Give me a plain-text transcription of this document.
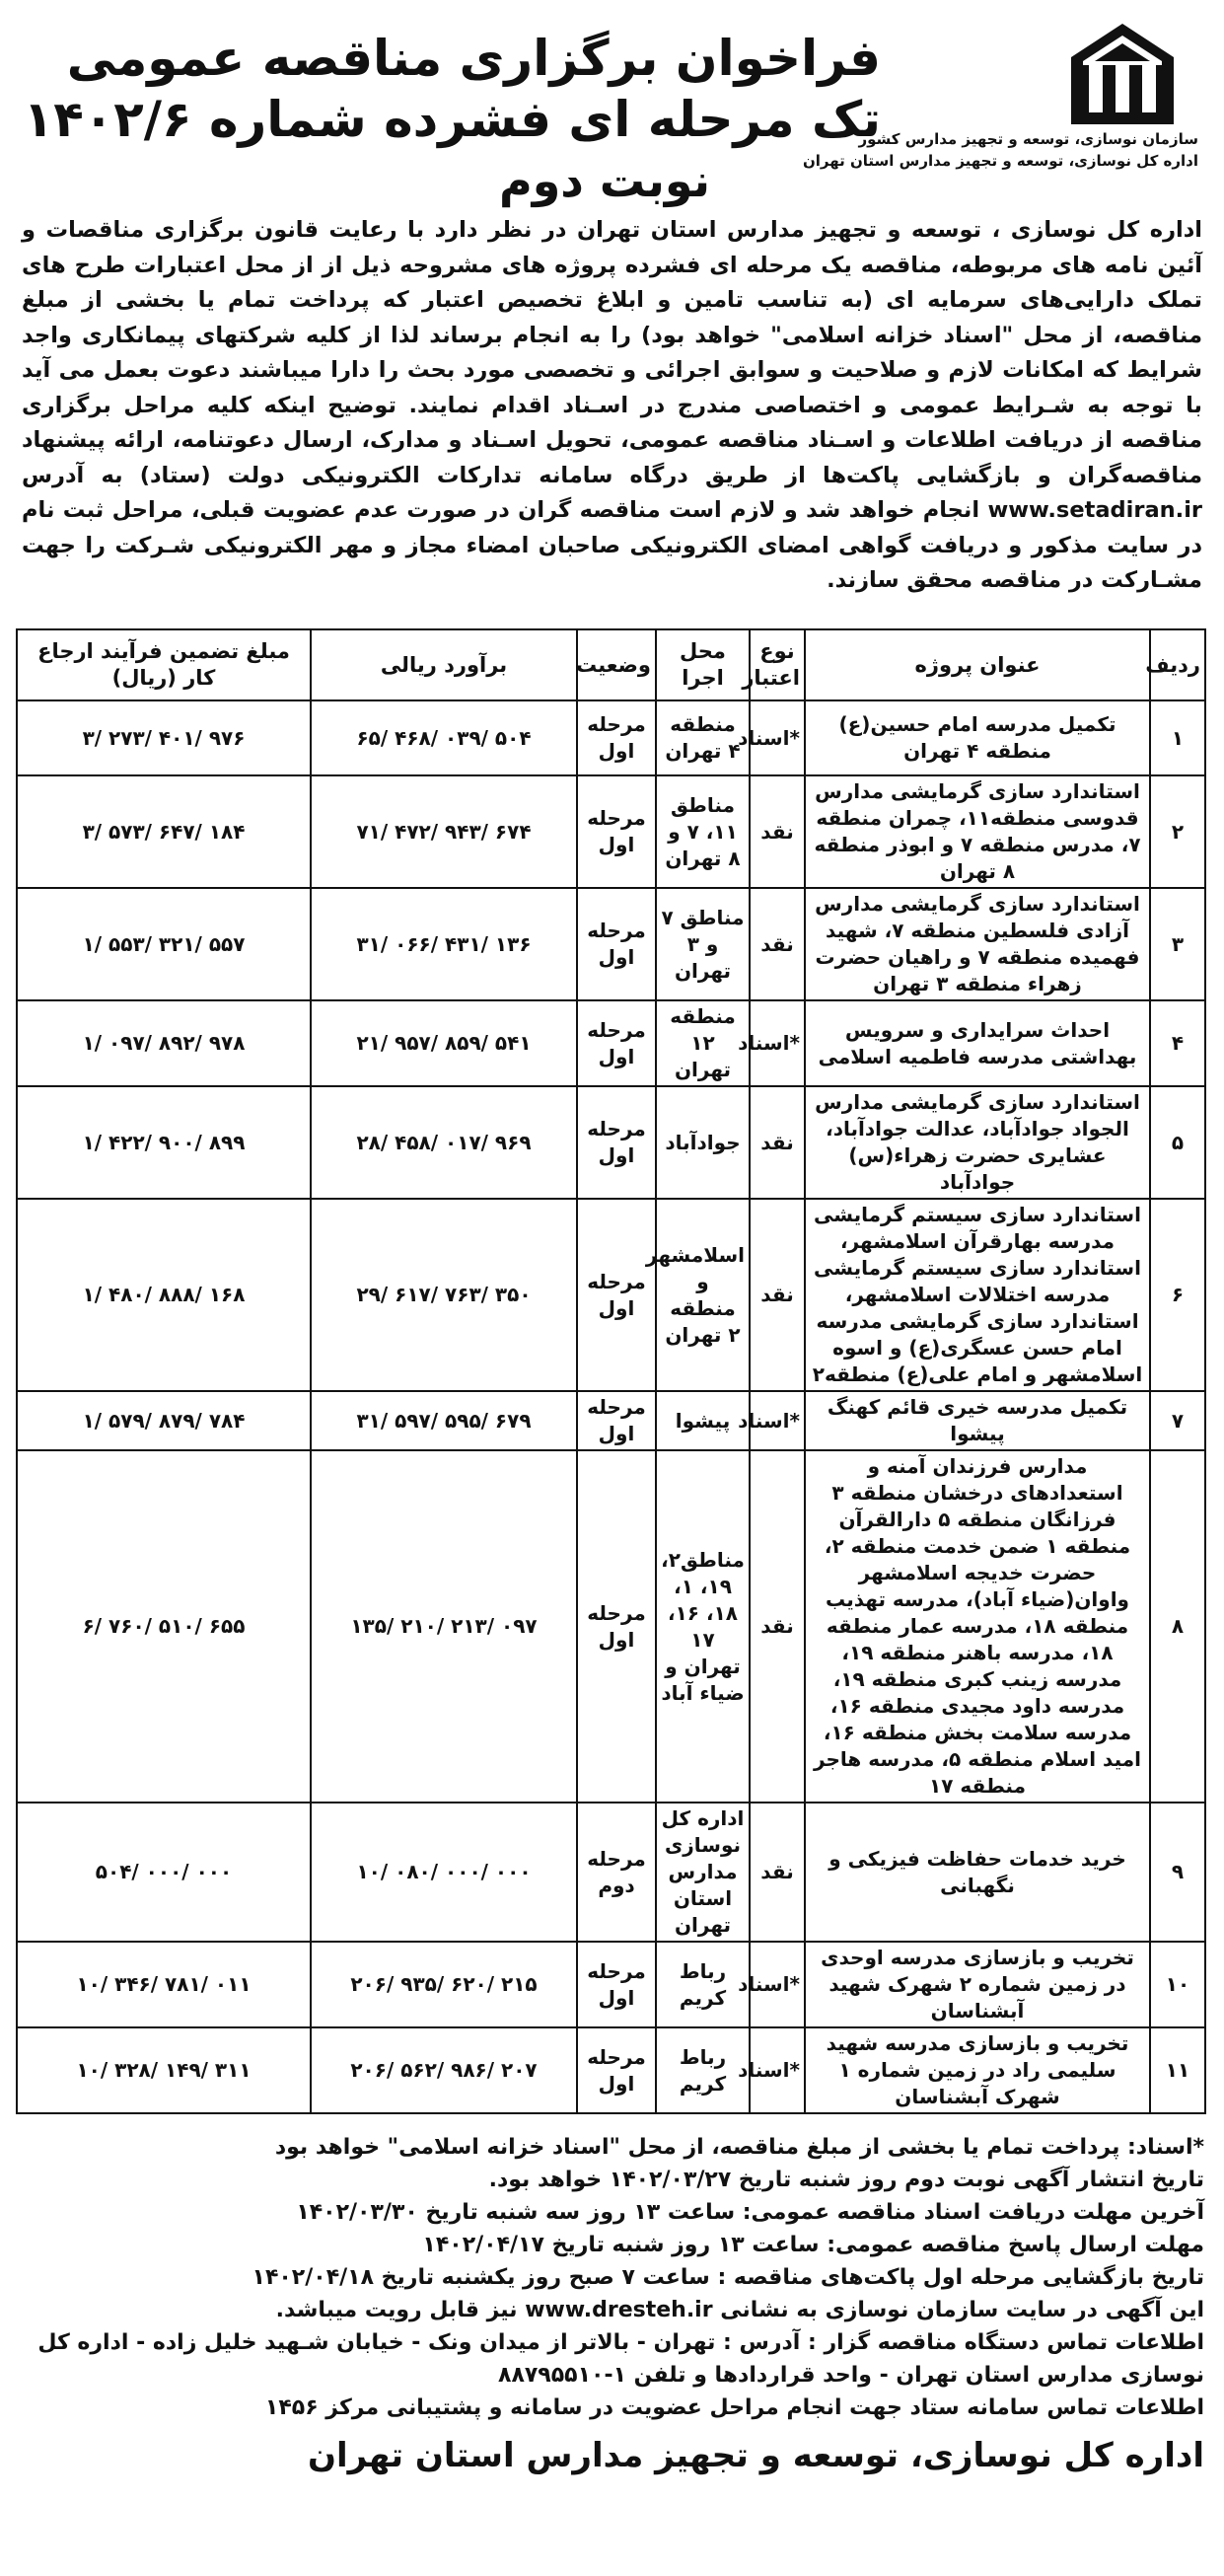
سازمان نوسازی، توسعه و تجهیز مدارس کشور
اداره کل نوسازی، توسعه و تجهیز مدارس استان تهران
فراخوان برگزاری مناقصه عمومی
تک مرحله ای فشرده شماره ۱۴۰۲/۶
نوبت دوم
اداره کل نوسازی ، توسعه و تجهیز مدارس استان تهران در نظر دارد با رعایت قانون برگزاری مناقصات و آئین نامه های مربوطه، مناقصه یک مرحله ای فشرده پروژه های مشروحه ذیل از از محل اعتبارات طرح های تملک دارایی‌های سرمایه ای (به تناسب تامین و ابلاغ تخصیص اعتبار که پرداخت تمام یا بخشی از مبلغ مناقصه، از محل "اسناد خزانه اسلامی" خواهد بود) را به انجام برساند لذا از کلیه شرکتهای پیمانکاری واجد شرایط که امکانات لازم و صلاحیت و سوابق اجرائی و تخصصی مورد بحث را دارا میباشند دعوت بعمل می آید با توجه به شـرایط عمومی و اختصاصی مندرج در اسـناد اقدام نمایند. توضیح اینکه کلیه مراحل برگزاری مناقصه از دریافت اطلاعات و اسـناد مناقصه عمومی، تحویل اسـناد و مدارک، ارسال دعوتنامه، ارائه پیشنهاد مناقصه‌گران و بازگشایی پاکت‌ها از طریق درگاه سامانه تدارکات الکترونیکی دولت (ستاد) به آدرس www.setadiran.ir انجام خواهد شد و لازم است مناقصه گران در صورت عدم عضویت قبلی، مراحل ثبت نام در سایت مذکور و دریافت گواهی امضای الکترونیکی صاحبان امضاء مجاز و مهر الکترونیکی شـرکت را جهت مشـارکت در مناقصه محقق سازند.
ردیف	عنوان پروژه	نوع اعتبار	محل اجرا	وضعیت	برآورد ریالی	مبلغ تضمین فرآیند ارجاع کار (ریال)
۱	تکمیل مدرسه امام حسین(ع) منطقه ۴ تهران	*اسناد	منطقه ۴ تهران	مرحله اول	۶۵/ ۴۶۸/ ۰۳۹/ ۵۰۴	۳/ ۲۷۳/ ۴۰۱/ ۹۷۶
۲	استاندارد سازی گرمایشی مدارس قدوسی منطقه۱۱، چمران منطقه ۷، مدرس منطقه ۷ و ابوذر منطقه ۸ تهران	نقد	مناطق ۱۱، ۷ و ۸ تهران	مرحله اول	۷۱/ ۴۷۲/ ۹۴۳/ ۶۷۴	۳/ ۵۷۳/ ۶۴۷/ ۱۸۴
۳	استاندارد سازی گرمایشی مدارس آزادی فلسطین منطقه ۷، شهید فهمیده منطقه ۷ و راهیان حضرت زهراء منطقه ۳ تهران	نقد	مناطق ۷ و ۳ تهران	مرحله اول	۳۱/ ۰۶۶/ ۴۳۱/ ۱۳۶	۱/ ۵۵۳/ ۳۲۱/ ۵۵۷
۴	احداث سرایداری و سرویس بهداشتی مدرسه فاطمیه اسلامی	*اسناد	منطقه ۱۲ تهران	مرحله اول	۲۱/ ۹۵۷/ ۸۵۹/ ۵۴۱	۱/ ۰۹۷/ ۸۹۲/ ۹۷۸
۵	استاندارد سازی گرمایشی مدارس الجواد جوادآباد، عدالت جوادآباد، عشایری حضرت زهراء(س) جوادآباد	نقد	جوادآباد	مرحله اول	۲۸/ ۴۵۸/ ۰۱۷/ ۹۶۹	۱/ ۴۲۲/ ۹۰۰/ ۸۹۹
۶	استاندارد سازی سیستم گرمایشی مدرسه بهارقرآن اسلامشهر، استاندارد سازی سیستم گرمایشی مدرسه اختلالات اسلامشهر، استاندارد سازی گرمایشی مدرسه امام حسن عسگری(ع) و اسوه اسلامشهر و امام علی(ع) منطقه۲	نقد	اسلامشهر و منطقه ۲ تهران	مرحله اول	۲۹/ ۶۱۷/ ۷۶۳/ ۳۵۰	۱/ ۴۸۰/ ۸۸۸/ ۱۶۸
۷	تکمیل مدرسه خیری قائم کهنگ پیشوا	*اسناد	پیشوا	مرحله اول	۳۱/ ۵۹۷/ ۵۹۵/ ۶۷۹	۱/ ۵۷۹/ ۸۷۹/ ۷۸۴
۸	مدارس فرزندان آمنه و استعدادهای درخشان منطقه ۳ فرزانگان منطقه ۵ دارالقرآن منطقه ۱ ضمن خدمت منطقه ۲، حضرت خدیجه اسلامشهر واوان(ضیاء آباد)، مدرسه تهذیب منطقه ۱۸، مدرسه عمار منطقه ۱۸، مدرسه باهنر منطقه ۱۹، مدرسه زینب کبری منطقه ۱۹، مدرسه داود مجیدی منطقه ۱۶، مدرسه سلامت بخش منطقه ۱۶، امید اسلام منطقه ۵، مدرسه هاجر منطقه ۱۷	نقد	مناطق۲، ۱۹، ۱، ۱۸، ۱۶، ۱۷ تهران و ضیاء آباد	مرحله اول	۱۳۵/ ۲۱۰/ ۲۱۳/ ۰۹۷	۶/ ۷۶۰/ ۵۱۰/ ۶۵۵
۹	خرید خدمات حفاظت فیزیکی و نگهبانی	نقد	اداره کل نوسازی مدارس استان تهران	مرحله دوم	۱۰/ ۰۸۰/ ۰۰۰/ ۰۰۰	۵۰۴/ ۰۰۰/ ۰۰۰
۱۰	تخریب و بازسازی مدرسه اوحدی در زمین شماره ۲ شهرک شهید آبشناسان	*اسناد	رباط کریم	مرحله اول	۲۰۶/ ۹۳۵/ ۶۲۰/ ۲۱۵	۱۰/ ۳۴۶/ ۷۸۱/ ۰۱۱
۱۱	تخریب و بازسازی مدرسه شهید سلیمی راد در زمین شماره ۱ شهرک آبشناسان	*اسناد	رباط کریم	مرحله اول	۲۰۶/ ۵۶۲/ ۹۸۶/ ۲۰۷	۱۰/ ۳۲۸/ ۱۴۹/ ۳۱۱

*اسناد: پرداخت تمام یا بخشی از مبلغ مناقصه، از محل "اسناد خزانه اسلامی" خواهد بود

تاریخ انتشار آگهی نوبت دوم روز شنبه تاریخ ۱۴۰۲/۰۳/۲۷ خواهد بود.

آخرین مهلت دریافت اسناد مناقصه عمومی: ساعت ۱۳ روز سه شنبه تاریخ ۱۴۰۲/۰۳/۳۰

مهلت ارسال پاسخ مناقصه عمومی: ساعت ۱۳ روز شنبه تاریخ ۱۴۰۲/۰۴/۱۷

تاریخ بازگشایی مرحله اول پاکت‌های مناقصه : ساعت ۷ صبح روز یکشنبه تاریخ ۱۴۰۲/۰۴/۱۸

این آگهی در سایت سازمان نوسازی به نشانی www.dresteh.ir نیز قابل رویت میباشد.

اطلاعات تماس دستگاه مناقصه گزار : آدرس : تهران - بالاتر از میدان ونک - خیابان شـهید خلیل زاده - اداره کل

نوسازی مدارس استان تهران - واحد قراردادها و تلفن ۱-۸۸۷۹۵۵۱۰

اطلاعات تماس سامانه ستاد جهت انجام مراحل عضویت در سامانه و پشتیبانی مرکز ۱۴۵۶

اداره کل نوسازی، توسعه و تجهیز مدارس استان تهران
